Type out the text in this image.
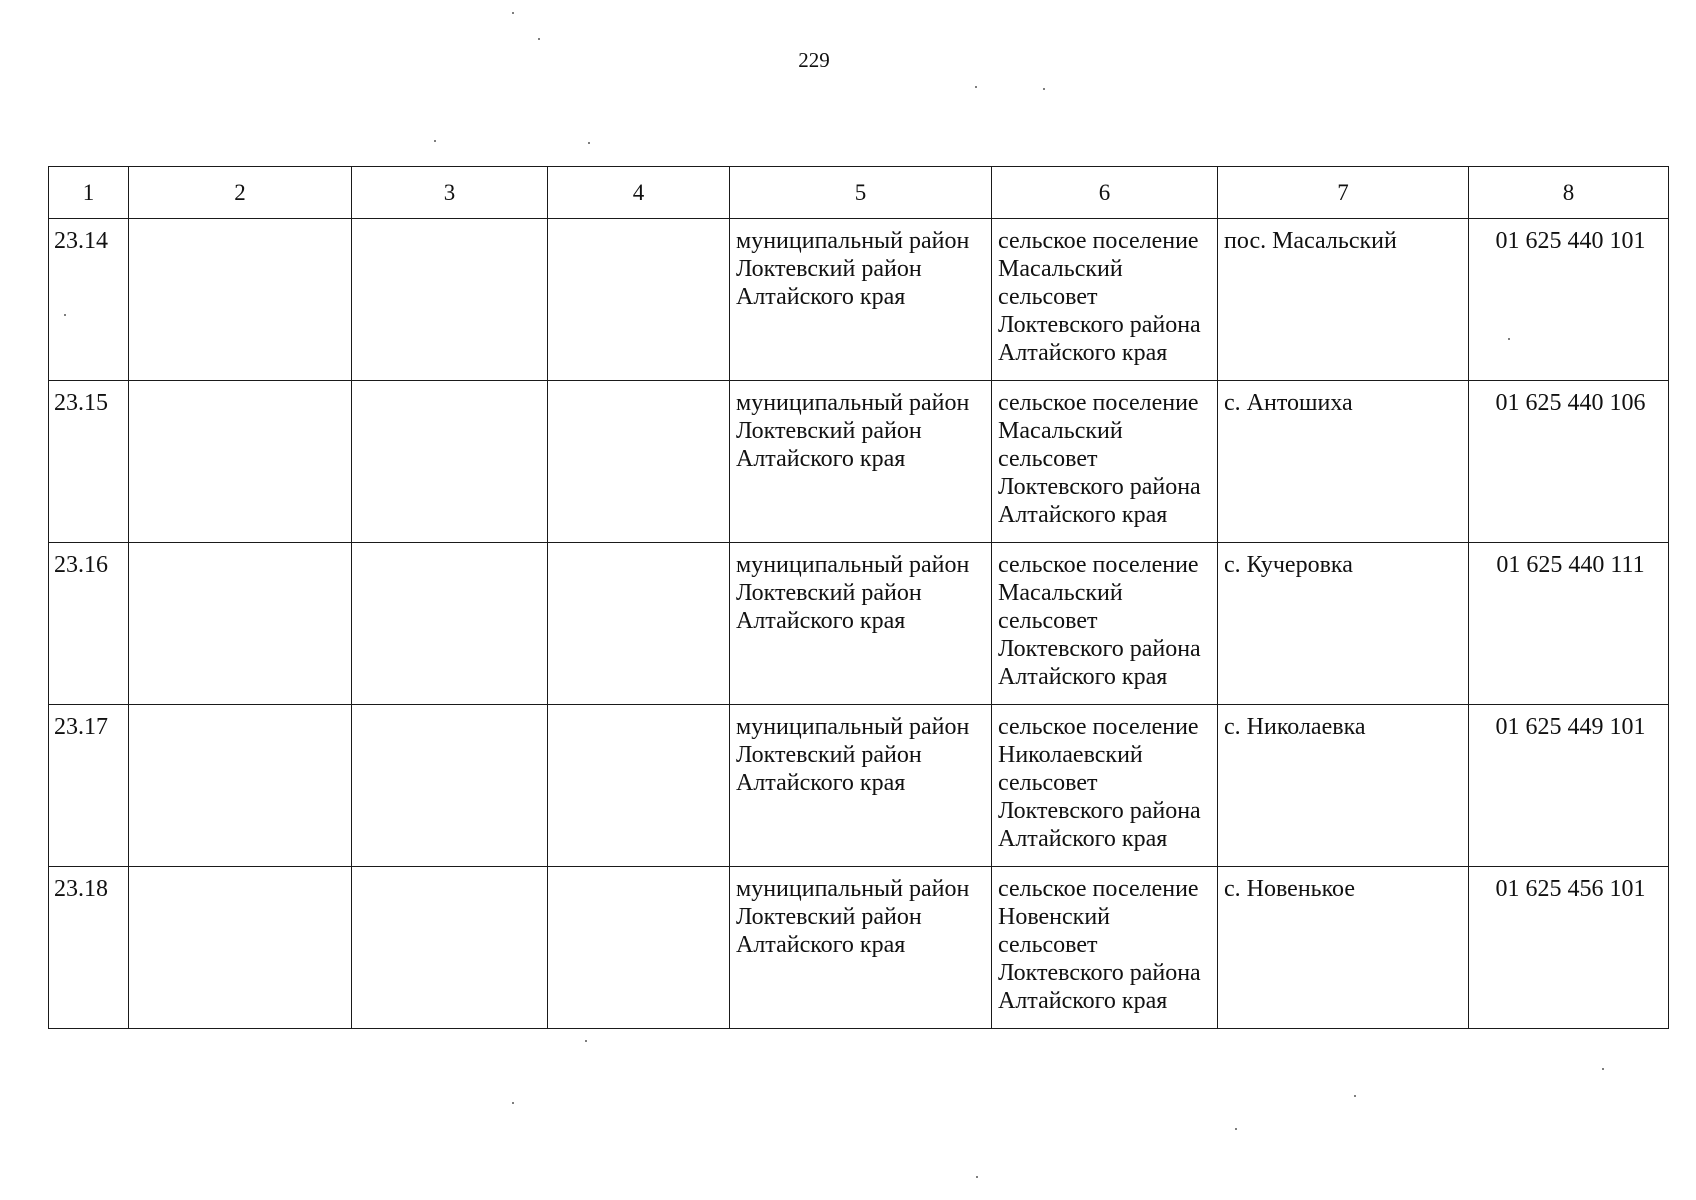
229
1	2	3	4	5	6	7	8

23.14				муниципальный район
Локтевский район
Алтайского края	сельское поселение
Масальский
сельсовет
Локтевского района
Алтайского края	пос. Масальский	01 625 440 101

23.15				муниципальный район
Локтевский район
Алтайского края	сельское поселение
Масальский
сельсовет
Локтевского района
Алтайского края	с. Антошиха	01 625 440 106

23.16				муниципальный район
Локтевский район
Алтайского края	сельское поселение
Масальский
сельсовет
Локтевского района
Алтайского края	с. Кучеровка	01 625 440 111

23.17				муниципальный район
Локтевский район
Алтайского края	сельское поселение
Николаевский
сельсовет
Локтевского района
Алтайского края	с. Николаевка	01 625 449 101

23.18				муниципальный район
Локтевский район
Алтайского края	сельское поселение
Новенский
сельсовет
Локтевского района
Алтайского края	с. Новенькое	01 625 456 101
